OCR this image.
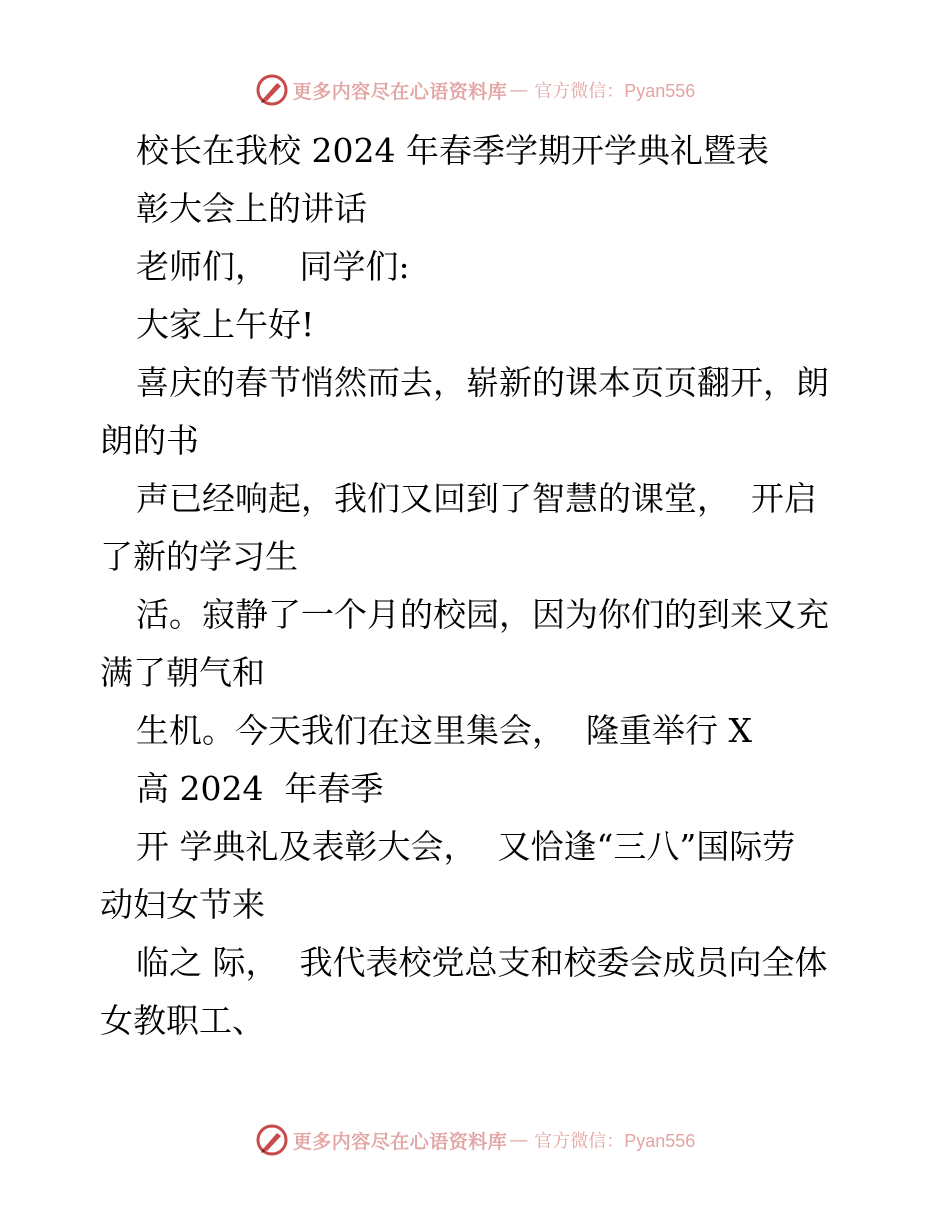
更多内容尽在心语资料库 — 官方微信：Pyan556
校长在我校 2024 年春季学期开学典礼暨表
彰大会上的讲话
老师们，   同学们:
大家上午好!
喜庆的春节悄然而去，崭新的课本页页翻开，朗
朗的书
声已经响起，我们又回到了智慧的课堂，  开启
了新的学习生
活。寂静了一个月的校园，因为你们的到来又充
满了朝气和
生机。今天我们在这里集会，  隆重举行 X
高 2024  年春季
开 学典礼及表彰大会，  又恰逢“三八”国际劳
动妇女节来
临之 际，  我代表校党总支和校委会成员向全体
女教职工、
更多内容尽在心语资料库 — 官方微信：Pyan556
